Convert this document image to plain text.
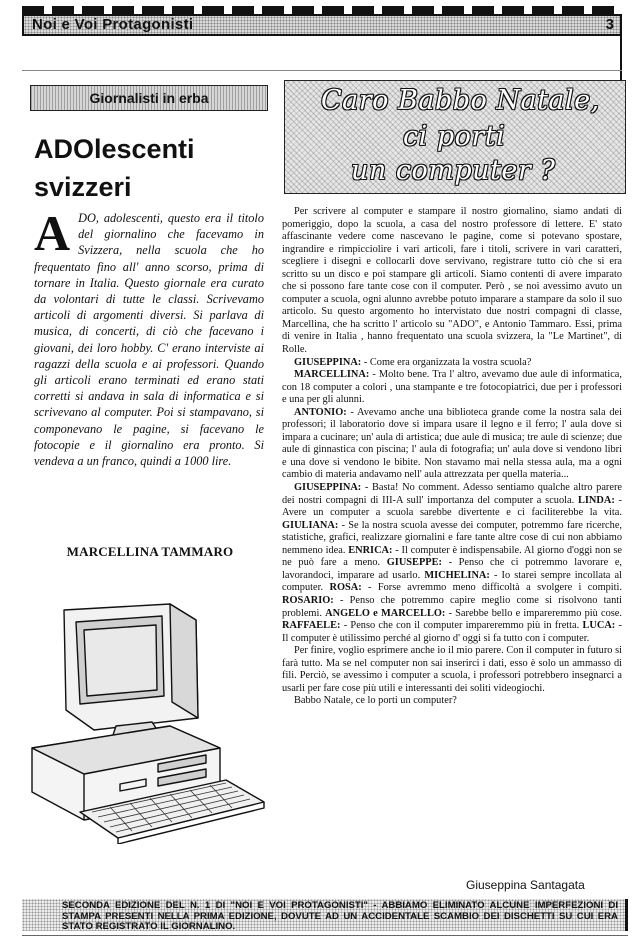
Noi e Voi Protagonisti	3
Giornalisti in erba
ADOlescenti
svizzeri
ADO, adolescenti, questo era il titolo del giornalino che facevamo in Svizzera, nella scuola che ho frequentato fino all' anno scorso, prima di tornare in Italia. Questo giornale era curato da volontari di tutte le classi. Scrivevamo articoli di argomenti diversi. Si parlava di musica, di concerti, di ciò che facevano i giovani, dei loro hobby. C' erano interviste ai ragazzi della scuola e ai professori. Quando gli articoli erano terminati ed erano stati corretti si andava in sala di informatica e si scrivevano al computer. Poi si stampavano, si componevano le pagine, si facevano le fotocopie e il giornalino era pronto. Si vendeva a un franco, quindi a 1000 lire.
MARCELLINA TAMMARO
Caro Babbo Natale,
ci porti
un computer ?

Per scrivere al computer e stampare il nostro giornalino, siamo andati di pomeriggio, dopo la scuola, a casa del nostro professore di lettere. E' stato affascinante vedere come nascevano le pagine, come si potevano spostare, ingrandire e rimpicciolire i vari articoli, fare i titoli, scrivere in vari caratteri, scegliere i disegni e collocarli dove servivano, registrare tutto ciò che si era scritto su un disco e poi stampare gli articoli. Siamo contenti di avere imparato che si possono fare tante cose con il computer. Però , se noi avessimo avuto un computer a scuola, ogni alunno avrebbe potuto imparare a stampare da solo il suo articolo. Su questo argomento ho intervistato due nostri compagni di classe, Marcellina, che ha scritto l' articolo su "ADO", e Antonio Tammaro. Essi, prima di venire in Italia , hanno frequentato una scuola svizzera, la "Le Martinet", di Rolle.

GIUSEPPINA: - Come era organizzata la vostra scuola?

MARCELLINA: - Molto bene. Tra l' altro, avevamo due aule di informatica, con 18 computer a colori , una stampante e tre fotocopiatrici, due per i professori e una per gli alunni.

ANTONIO: - Avevamo anche una biblioteca grande come la nostra sala dei professori; il laboratorio dove si impara usare il legno e il ferro; l' aula dove si impara a cucinare; un' aula di artistica; due aule di musica; tre aule di scienze; due aule di ginnastica con piscina; l' aula di fotografia; un' aula dove si vendono libri e una dove si vendono le bibite. Non stavamo mai nella stessa aula, ma a ogni cambio di materia andavamo nell' aula attrezzata per quella materia...

GIUSEPPINA: - Basta! No comment. Adesso sentiamo qualche altro parere dei nostri compagni di III-A sull' importanza del computer a scuola. LINDA: - Avere un computer a scuola sarebbe divertente e ci faciliterebbe la vita. GIULIANA: - Se la nostra scuola avesse dei computer, potremmo fare ricerche, statistiche, grafici, realizzare giornalini e fare tante altre cose di cui non abbiamo nemmeno idea. ENRICA: - Il computer è indispensabile. Al giorno d'oggi non se ne può fare a meno. GIUSEPPE: - Penso che ci potremmo lavorare e, lavorandoci, imparare ad usarlo. MICHELINA: - Io starei sempre incollata al computer. ROSA: - Forse avremmo meno difficoltà a svolgere i compiti. ROSARIO: - Penso che potremmo capire meglio come si risolvono tanti problemi. ANGELO e MARCELLO: - Sarebbe bello e impareremmo più cose. RAFFAELE: - Penso che con il computer impareremmo più in fretta. LUCA: - Il computer è utilissimo perché al giorno d' oggi si fa tutto con i computer.

Per finire, voglio esprimere anche io il mio parere. Con il computer in futuro si farà tutto. Ma se nel computer non sai inserirci i dati, esso è solo un ammasso di fili. Perciò, se avessimo i computer a scuola, i professori potrebbero insegnarci a usarli per fare cose più utili e interessanti dei soliti videogiochi.

Babbo Natale, ce lo porti un computer?

Giuseppina Santagata
SECONDA EDIZIONE DEL N. 1 DI "NOI E VOI PROTAGONISTI" - ABBIAMO ELIMINATO ALCUNE IMPERFEZIONI DI STAMPA PRESENTI NELLA PRIMA EDIZIONE, DOVUTE AD UN ACCIDENTALE SCAMBIO DEI DISCHETTI SU CUI ERA STATO REGISTRATO IL GIORNALINO.
